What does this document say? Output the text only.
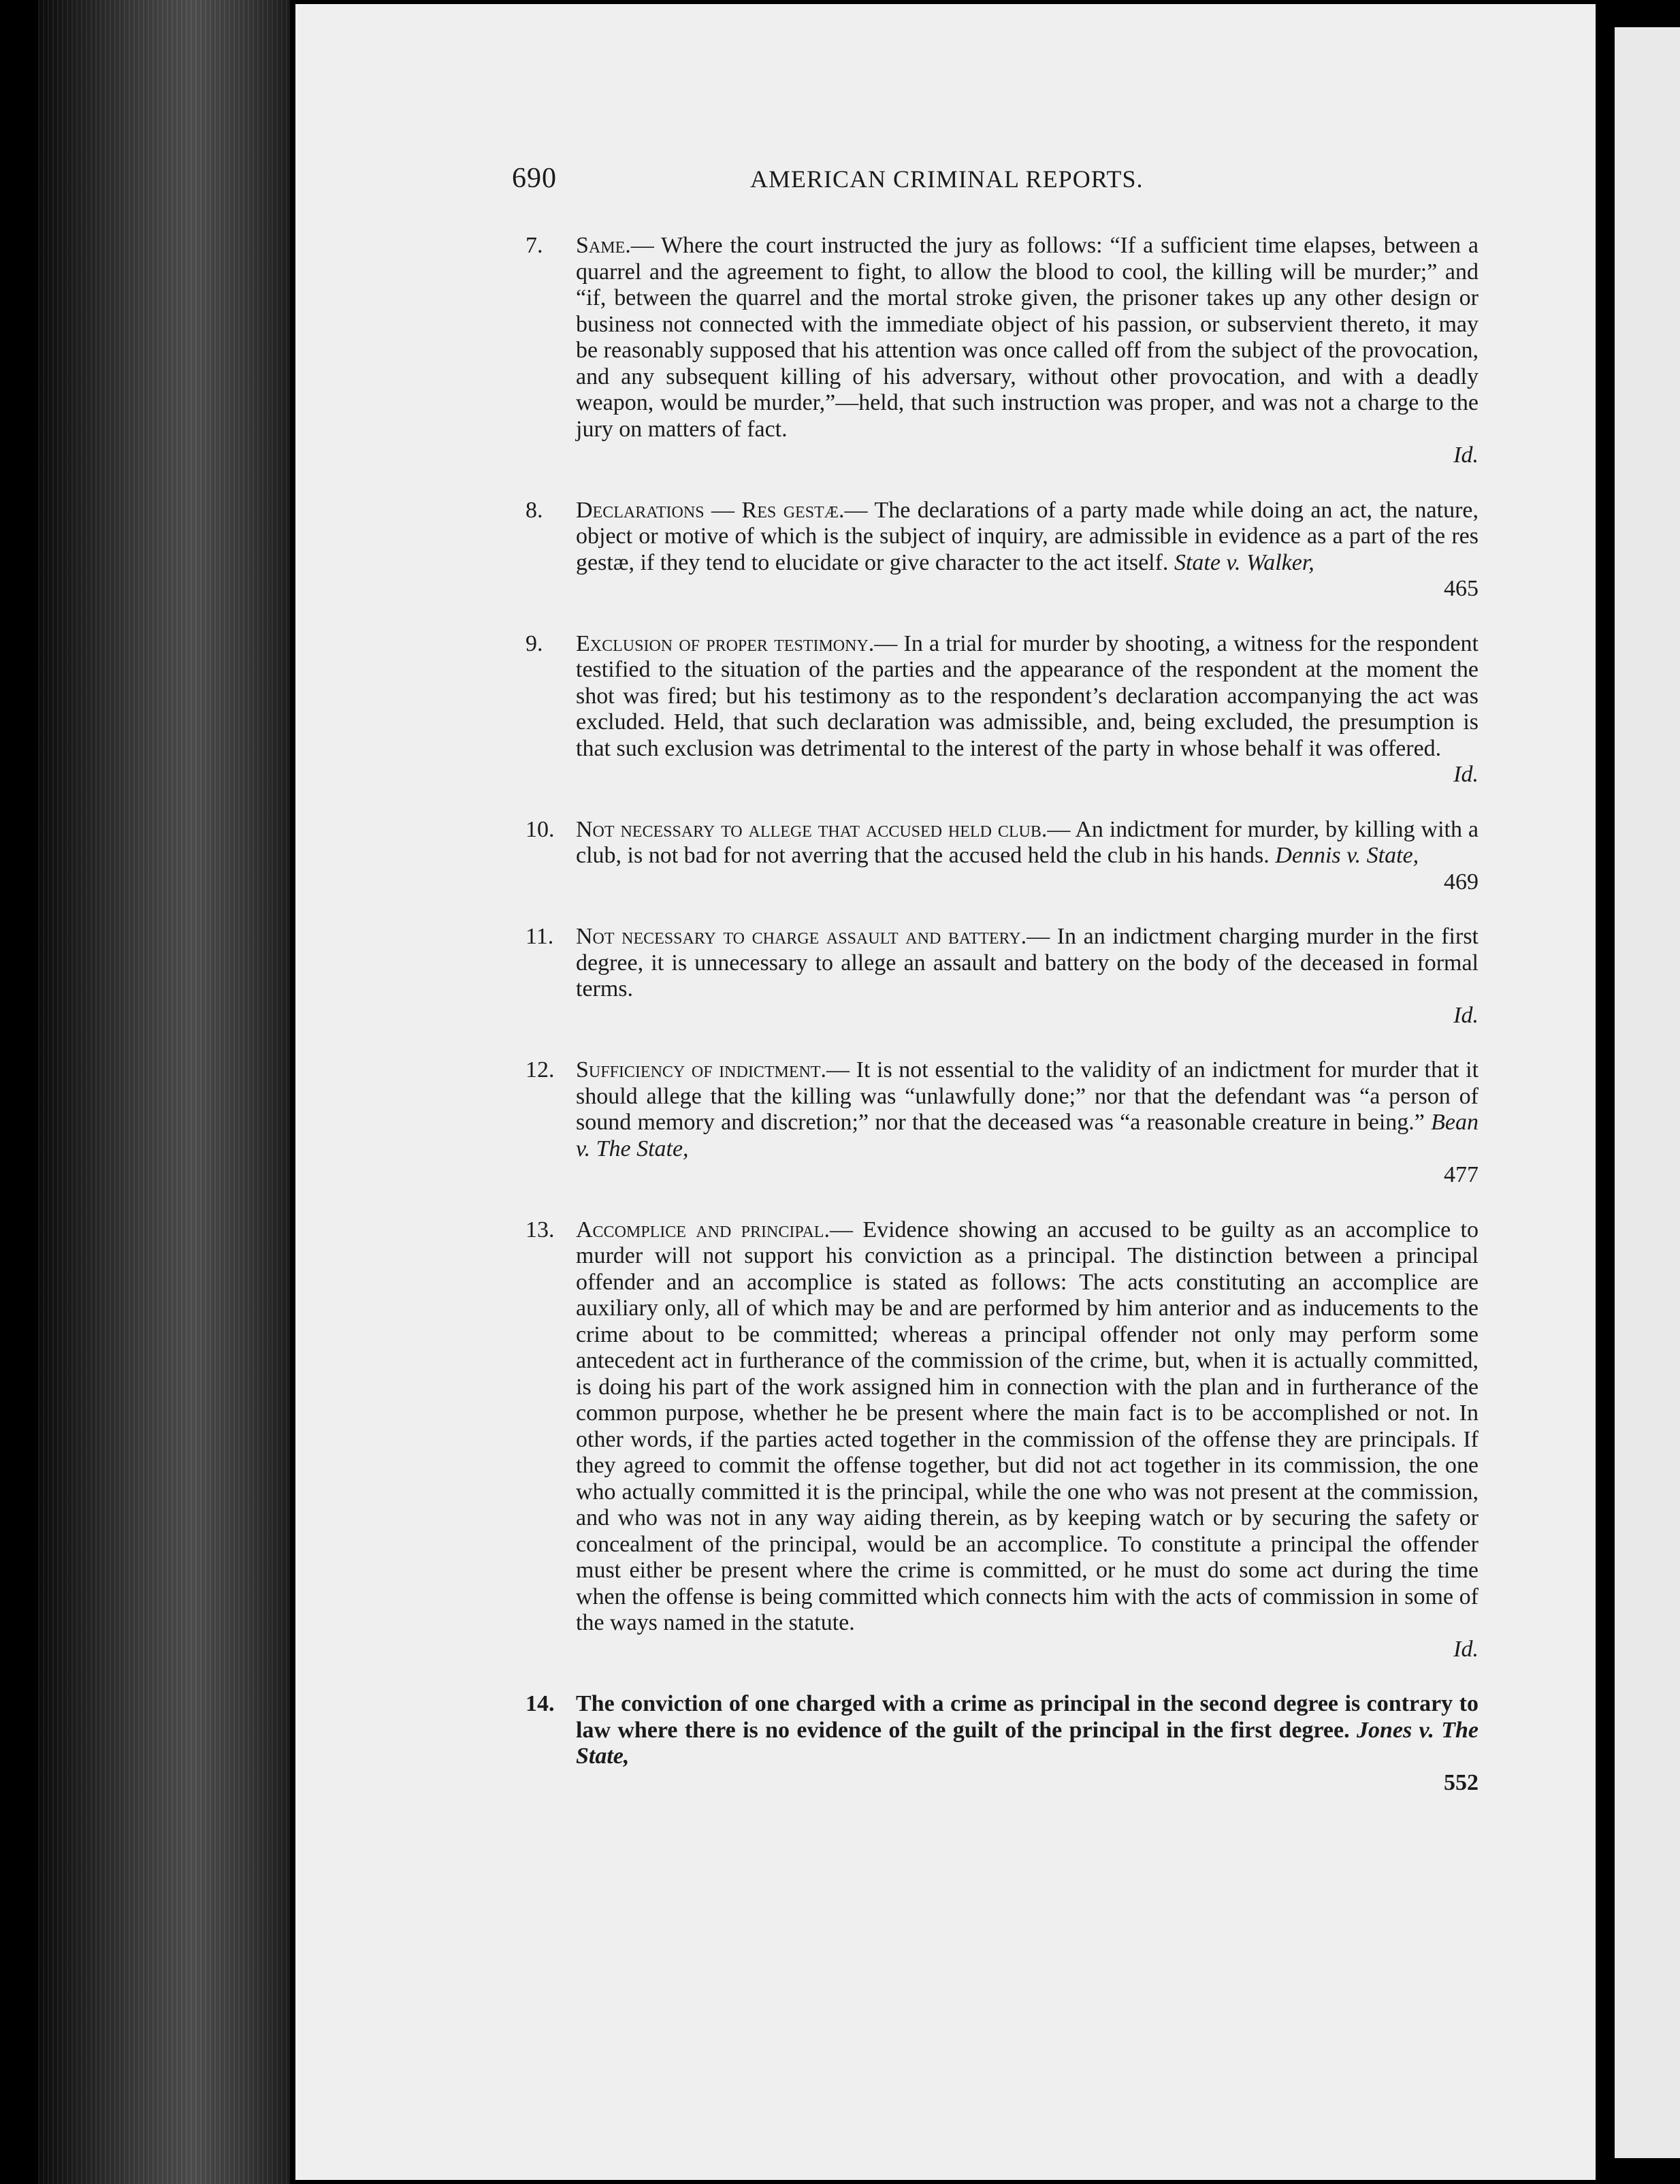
690	AMERICAN CRIMINAL REPORTS.
7. Same.— Where the court instructed the jury as follows: “If a sufficient time elapses, between a quarrel and the agreement to fight, to allow the blood to cool, the killing will be murder;” and “if, between the quarrel and the mortal stroke given, the prisoner takes up any other design or business not connected with the immediate object of his passion, or subservient thereto, it may be reasonably supposed that his attention was once called off from the subject of the provocation, and any subsequent killing of his adversary, without other provocation, and with a deadly weapon, would be murder,”—held, that such instruction was proper, and was not a charge to the jury on matters of fact.
Id.
8. Declarations — Res gestæ.— The declarations of a party made while doing an act, the nature, object or motive of which is the subject of inquiry, are admissible in evidence as a part of the res gestæ, if they tend to elucidate or give character to the act itself. State v. Walker,
465
9. Exclusion of proper testimony.— In a trial for murder by shooting, a witness for the respondent testified to the situation of the parties and the appearance of the respondent at the moment the shot was fired; but his testimony as to the respondent’s declaration accompanying the act was excluded. Held, that such declaration was admissible, and, being excluded, the presumption is that such exclusion was detrimental to the interest of the party in whose behalf it was offered.
Id.
10. Not necessary to allege that accused held club.— An indictment for murder, by killing with a club, is not bad for not averring that the accused held the club in his hands. Dennis v. State,
469
11. Not necessary to charge assault and battery.— In an indictment charging murder in the first degree, it is unnecessary to allege an assault and battery on the body of the deceased in formal terms.
Id.
12. Sufficiency of indictment.— It is not essential to the validity of an indictment for murder that it should allege that the killing was “unlawfully done;” nor that the defendant was “a person of sound memory and discretion;” nor that the deceased was “a reasonable creature in being.” Bean v. The State,
477
13. Accomplice and principal.— Evidence showing an accused to be guilty as an accomplice to murder will not support his conviction as a principal. The distinction between a principal offender and an accomplice is stated as follows: The acts constituting an accomplice are auxiliary only, all of which may be and are performed by him anterior and as inducements to the crime about to be committed; whereas a principal offender not only may perform some antecedent act in furtherance of the commission of the crime, but, when it is actually committed, is doing his part of the work assigned him in connection with the plan and in furtherance of the common purpose, whether he be present where the main fact is to be accomplished or not. In other words, if the parties acted together in the commission of the offense they are principals. If they agreed to commit the offense together, but did not act together in its commission, the one who actually committed it is the principal, while the one who was not present at the commission, and who was not in any way aiding therein, as by keeping watch or by securing the safety or concealment of the principal, would be an accomplice. To constitute a principal the offender must either be present where the crime is committed, or he must do some act during the time when the offense is being committed which connects him with the acts of commission in some of the ways named in the statute.
Id.
14. The conviction of one charged with a crime as principal in the second degree is contrary to law where there is no evidence of the guilt of the principal in the first degree. Jones v. The State,
552
